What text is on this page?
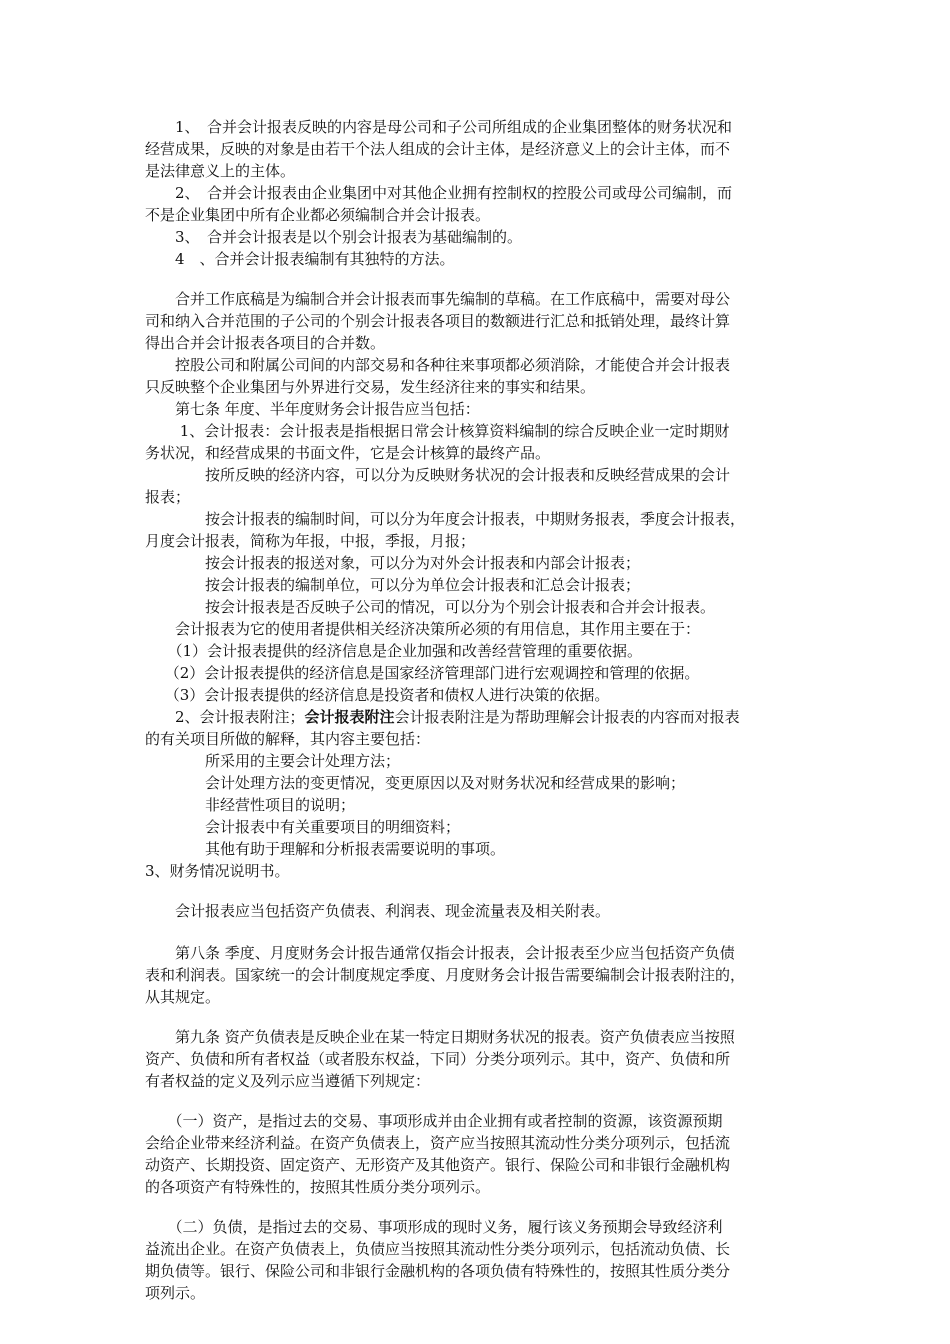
　　1、　合并会计报表反映的内容是母公司和子公司所组成的企业集团整体的财务状况和

经营成果，反映的对象是由若干个法人组成的会计主体，是经济意义上的会计主体，而不

是法律意义上的主体。

　　2、　合并会计报表由企业集团中对其他企业拥有控制权的控股公司或母公司编制，而

不是企业集团中所有企业都必须编制合并会计报表。

　　3、　合并会计报表是以个别会计报表为基础编制的。

　　4　、合并会计报表编制有其独特的方法。

　　合并工作底稿是为编制合并会计报表而事先编制的草稿。在工作底稿中，需要对母公

司和纳入合并范围的子公司的个别会计报表各项目的数额进行汇总和抵销处理，最终计算

得出合并会计报表各项目的合并数。

　　控股公司和附属公司间的内部交易和各种往来事项都必须消除，才能使合并会计报表

只反映整个企业集团与外界进行交易，发生经济往来的事实和结果。

　　第七条 年度、半年度财务会计报告应当包括：

　　 1、会计报表：会计报表是指根据日常会计核算资料编制的综合反映企业一定时期财

务状况，和经营成果的书面文件，它是会计核算的最终产品。

　　　　按所反映的经济内容，可以分为反映财务状况的会计报表和反映经营成果的会计

报表；

　　　　按会计报表的编制时间，可以分为年度会计报表，中期财务报表，季度会计报表，

月度会计报表，简称为年报，中报，季报，月报；

　　　　按会计报表的报送对象，可以分为对外会计报表和内部会计报表；

　　　　按会计报表的编制单位，可以分为单位会计报表和汇总会计报表；

　　　　按会计报表是否反映子公司的情况，可以分为个别会计报表和合并会计报表。

　　会计报表为它的使用者提供相关经济决策所必须的有用信息，其作用主要在于：

　　（1）会计报表提供的经济信息是企业加强和改善经营管理的重要依据。

　 （2）会计报表提供的经济信息是国家经济管理部门进行宏观调控和管理的依据。

　 （3）会计报表提供的经济信息是投资者和债权人进行决策的依据。

　　2、会计报表附注；会计报表附注会计报表附注是为帮助理解会计报表的内容而对报表

的有关项目所做的解释，其内容主要包括：

　　　　所采用的主要会计处理方法；

　　　　会计处理方法的变更情况，变更原因以及对财务状况和经营成果的影响；

　　　　非经营性项目的说明；

　　　　会计报表中有关重要项目的明细资料；

　　　　其他有助于理解和分析报表需要说明的事项。

3、财务情况说明书。

　　会计报表应当包括资产负债表、利润表、现金流量表及相关附表。

　　第八条 季度、月度财务会计报告通常仅指会计报表，会计报表至少应当包括资产负债

表和利润表。国家统一的会计制度规定季度、月度财务会计报告需要编制会计报表附注的，

从其规定。

　　第九条 资产负债表是反映企业在某一特定日期财务状况的报表。资产负债表应当按照

资产、负债和所有者权益（或者股东权益，下同）分类分项列示。其中，资产、负债和所

有者权益的定义及列示应当遵循下列规定：

　　（一）资产，是指过去的交易、事项形成并由企业拥有或者控制的资源，该资源预期

会给企业带来经济利益。在资产负债表上，资产应当按照其流动性分类分项列示，包括流

动资产、长期投资、固定资产、无形资产及其他资产。银行、保险公司和非银行金融机构

的各项资产有特殊性的，按照其性质分类分项列示。

　　（二）负债，是指过去的交易、事项形成的现时义务，履行该义务预期会导致经济利

益流出企业。在资产负债表上，负债应当按照其流动性分类分项列示，包括流动负债、长

期负债等。银行、保险公司和非银行金融机构的各项负债有特殊性的，按照其性质分类分

项列示。
